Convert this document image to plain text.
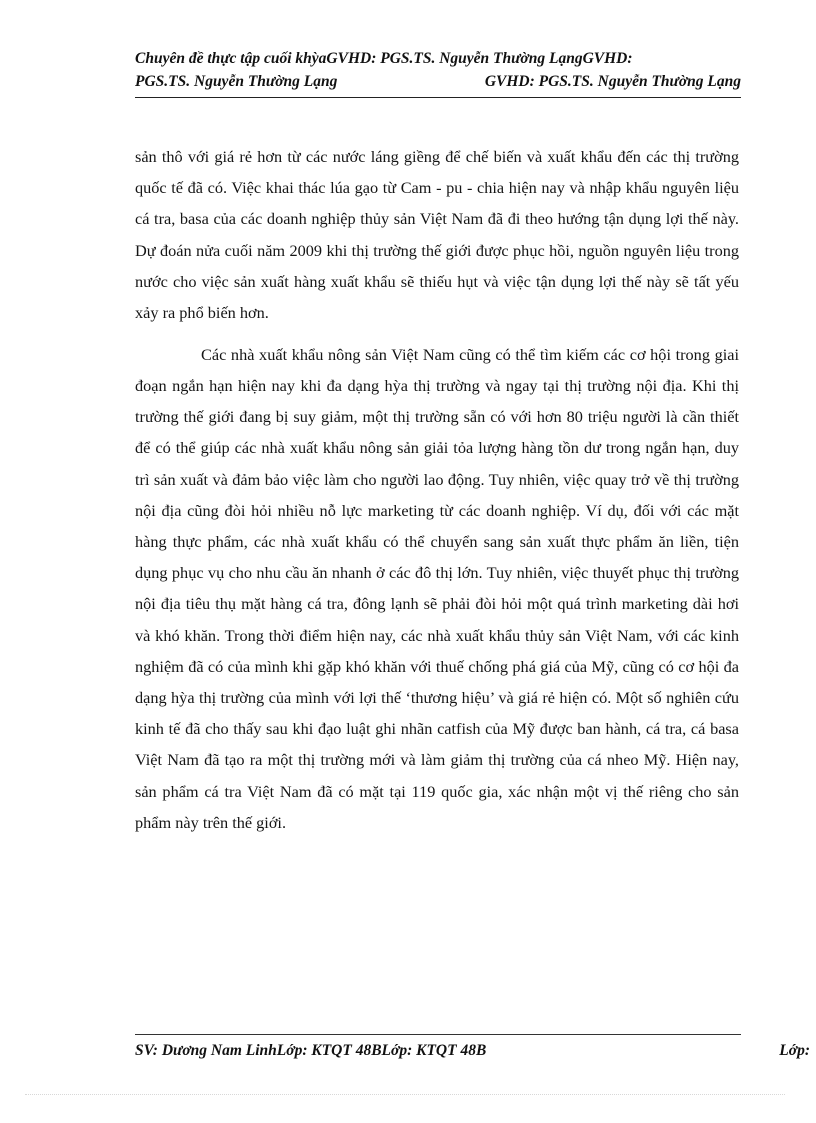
Chuyên đề thực tập cuối khỳaGVHD: PGS.TS. Nguyễn Thường LạngGVHD:
PGS.TS. Nguyễn Thường Lạng	GVHD: PGS.TS. Nguyễn Thường Lạng

sản thô với giá rẻ hơn từ các nước láng giềng để chế biến và xuất khẩu đến các thị trường quốc tế đã có. Việc khai thác lúa gạo từ Cam - pu - chia hiện nay và nhập khẩu nguyên liệu cá tra, basa của các doanh nghiệp thủy sản Việt Nam đã đi theo hướng tận dụng lợi thế này. Dự đoán nửa cuối năm 2009 khi thị trường thế giới được phục hồi, nguồn nguyên liệu trong nước cho việc sản xuất hàng xuất khẩu sẽ thiếu hụt và việc tận dụng lợi thế này sẽ tất yếu xảy ra phổ biến hơn.

Các nhà xuất khẩu nông sản Việt Nam cũng có thể tìm kiếm các cơ hội trong giai đoạn ngắn hạn hiện nay khi đa dạng hỳa thị trường và ngay tại thị trường nội địa. Khi thị trường thế giới đang bị suy giảm, một thị trường sẵn có với hơn 80 triệu người là cần thiết để có thể giúp các nhà xuất khẩu nông sản giải tỏa lượng hàng tồn dư trong ngắn hạn, duy trì sản xuất và đảm bảo việc làm cho người lao động. Tuy nhiên, việc quay trở về thị trường nội địa cũng đòi hỏi nhiều nỗ lực marketing từ các doanh nghiệp. Ví dụ, đối với các mặt hàng thực phẩm, các nhà xuất khẩu có thể chuyển sang sản xuất thực phẩm ăn liền, tiện dụng phục vụ cho nhu cầu ăn nhanh ở các đô thị lớn. Tuy nhiên, việc thuyết phục thị trường nội địa tiêu thụ mặt hàng cá tra, đông lạnh sẽ phải đòi hỏi một quá trình marketing dài hơi và khó khăn. Trong thời điểm hiện nay, các nhà xuất khẩu thủy sản Việt Nam, với các kinh nghiệm đã có của mình khi gặp khó khăn với thuế chống phá giá của Mỹ, cũng có cơ hội đa dạng hỳa thị trường của mình với lợi thế ‘thương hiệu’ và giá rẻ hiện có. Một số nghiên cứu kinh tế đã cho thấy sau khi đạo luật ghi nhãn catfish của Mỹ được ban hành, cá tra, cá basa Việt Nam đã tạo ra một thị trường mới và làm giảm thị trường của cá nheo Mỹ. Hiện nay, sản phẩm cá tra Việt Nam đã có mặt tại 119 quốc gia, xác nhận một vị thế riêng cho sản phẩm này trên thế giới.

SV: Dương Nam LinhLớp: KTQT 48BLớp: KTQT 48B	Lớp:
